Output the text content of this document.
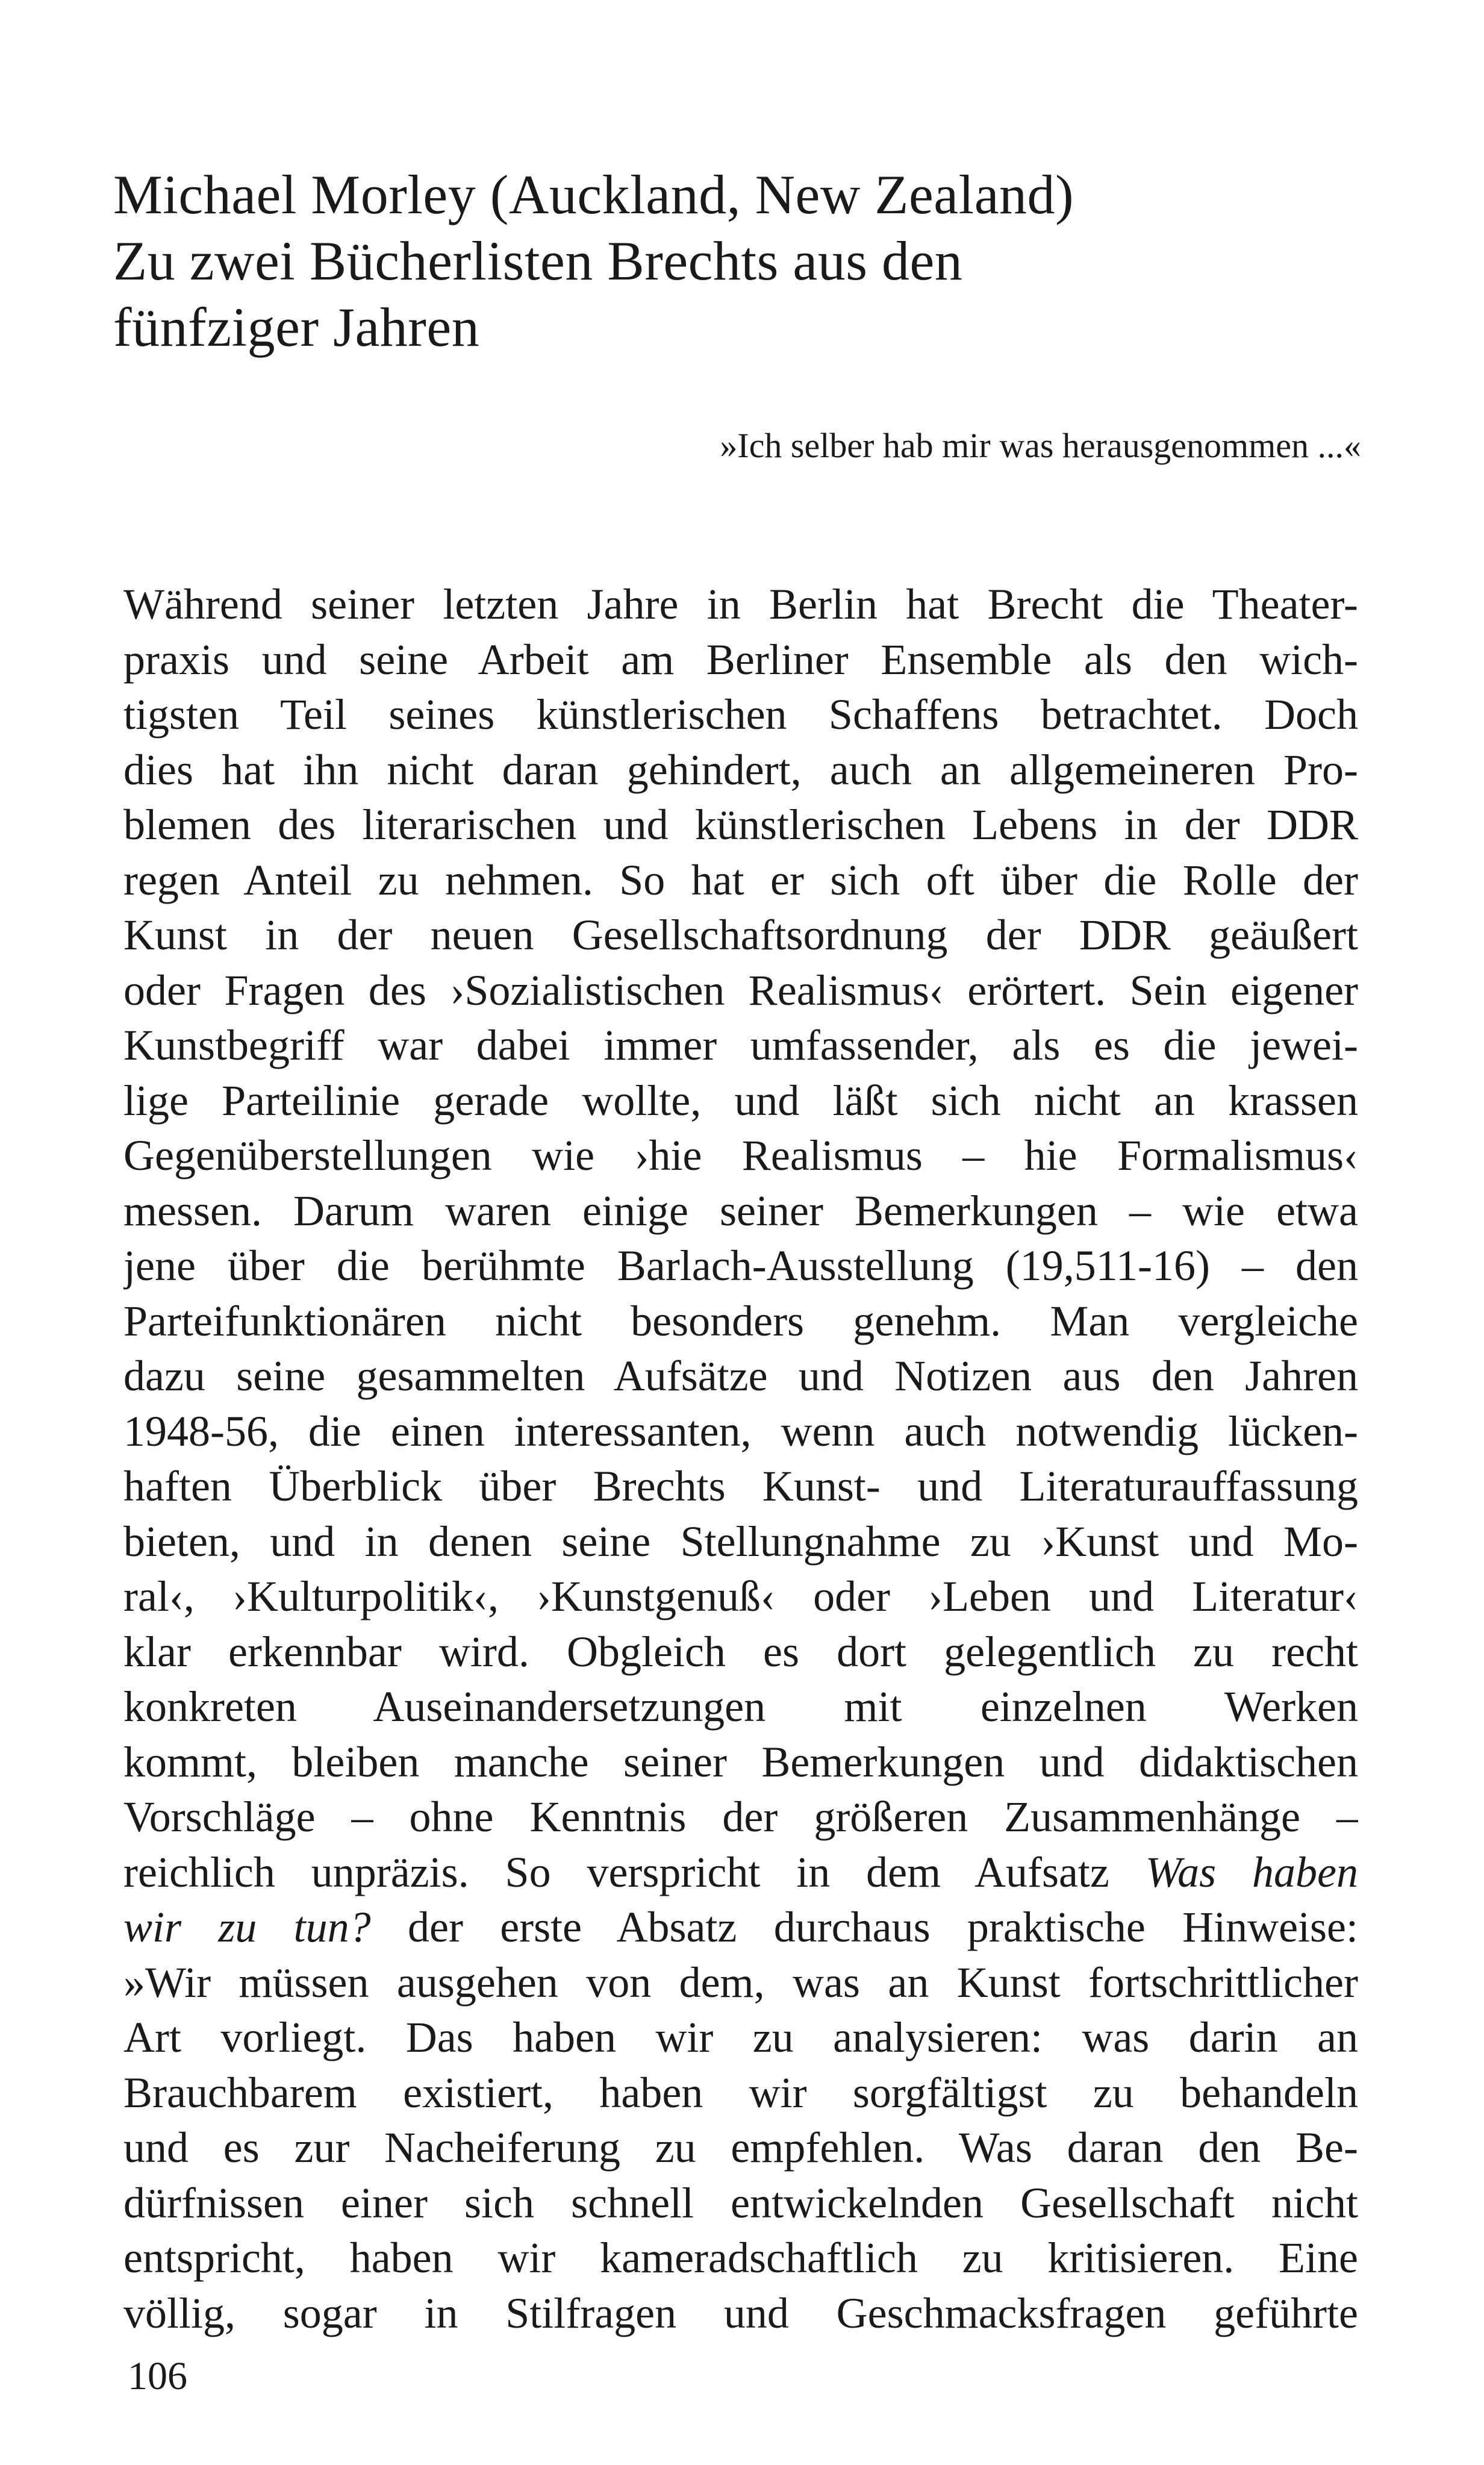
Michael Morley (Auckland, New Zealand)
Zu zwei Bücherlisten Brechts aus den
fünfziger Jahren
»Ich selber hab mir was herausgenommen ...«
Während seiner letzten Jahre in Berlin hat Brecht die Theater-
praxis und seine Arbeit am Berliner Ensemble als den wich-
tigsten Teil seines künstlerischen Schaffens betrachtet. Doch
dies hat ihn nicht daran gehindert, auch an allgemeineren Pro-
blemen des literarischen und künstlerischen Lebens in der DDR
regen Anteil zu nehmen. So hat er sich oft über die Rolle der
Kunst in der neuen Gesellschaftsordnung der DDR geäußert
oder Fragen des ›Sozialistischen Realismus‹ erörtert. Sein eigener
Kunstbegriff war dabei immer umfassender, als es die jewei-
lige Parteilinie gerade wollte, und läßt sich nicht an krassen
Gegenüberstellungen wie ›hie Realismus – hie Formalismus‹
messen. Darum waren einige seiner Bemerkungen – wie etwa
jene über die berühmte Barlach-Ausstellung (19,511-16) – den
Parteifunktionären nicht besonders genehm. Man vergleiche
dazu seine gesammelten Aufsätze und Notizen aus den Jahren
1948-56, die einen interessanten, wenn auch notwendig lücken-
haften Überblick über Brechts Kunst- und Literaturauffassung
bieten, und in denen seine Stellungnahme zu ›Kunst und Mo-
ral‹, ›Kulturpolitik‹, ›Kunstgenuß‹ oder ›Leben und Literatur‹
klar erkennbar wird. Obgleich es dort gelegentlich zu recht
konkreten Auseinandersetzungen mit einzelnen Werken
kommt, bleiben manche seiner Bemerkungen und didaktischen
Vorschläge – ohne Kenntnis der größeren Zusammenhänge –
reichlich unpräzis. So verspricht in dem Aufsatz Was haben
wir zu tun? der erste Absatz durchaus praktische Hinweise:
»Wir müssen ausgehen von dem, was an Kunst fortschrittlicher
Art vorliegt. Das haben wir zu analysieren: was darin an
Brauchbarem existiert, haben wir sorgfältigst zu behandeln
und es zur Nacheiferung zu empfehlen. Was daran den Be-
dürfnissen einer sich schnell entwickelnden Gesellschaft nicht
entspricht, haben wir kameradschaftlich zu kritisieren. Eine
völlig, sogar in Stilfragen und Geschmacksfragen geführte
106
